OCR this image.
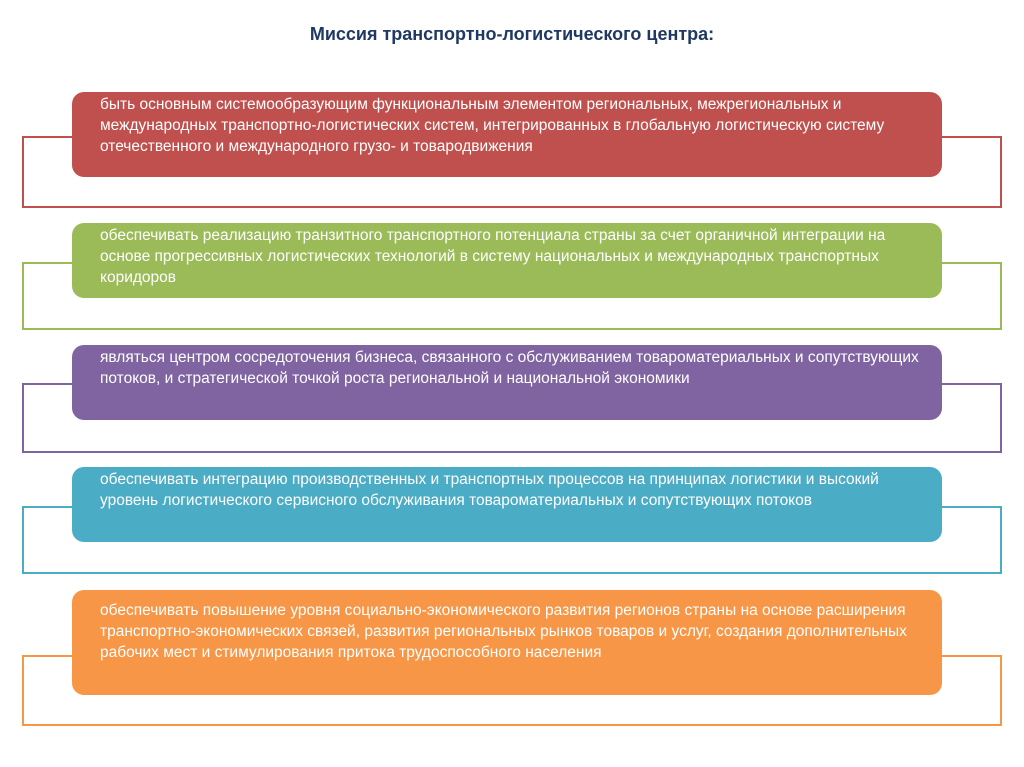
Миссия транспортно-логистического центра:
быть основным системообразующим функциональным элементом региональных, межрегиональных и международных транспортно-логистических систем, интегрированных в глобальную логистическую систему отечественного и международного грузо- и товародвижения
обеспечивать реализацию транзитного транспортного потенциала страны за счет органичной интеграции на основе прогрессивных логистических технологий в систему национальных и международных транспортных коридоров
являться центром сосредоточения бизнеса, связанного с обслуживанием товароматериальных и сопутствующих потоков, и стратегической точкой роста региональной и национальной экономики
обеспечивать интеграцию производственных и транспортных процессов на принципах логистики и высокий уровень логистического сервисного обслуживания товароматериальных и сопутствующих потоков
обеспечивать повышение уровня социально-экономического развития регионов страны на основе расширения транспортно-экономических связей, развития региональных рынков товаров и услуг, создания дополнительных рабочих мест и стимулирования притока трудоспособного населения
